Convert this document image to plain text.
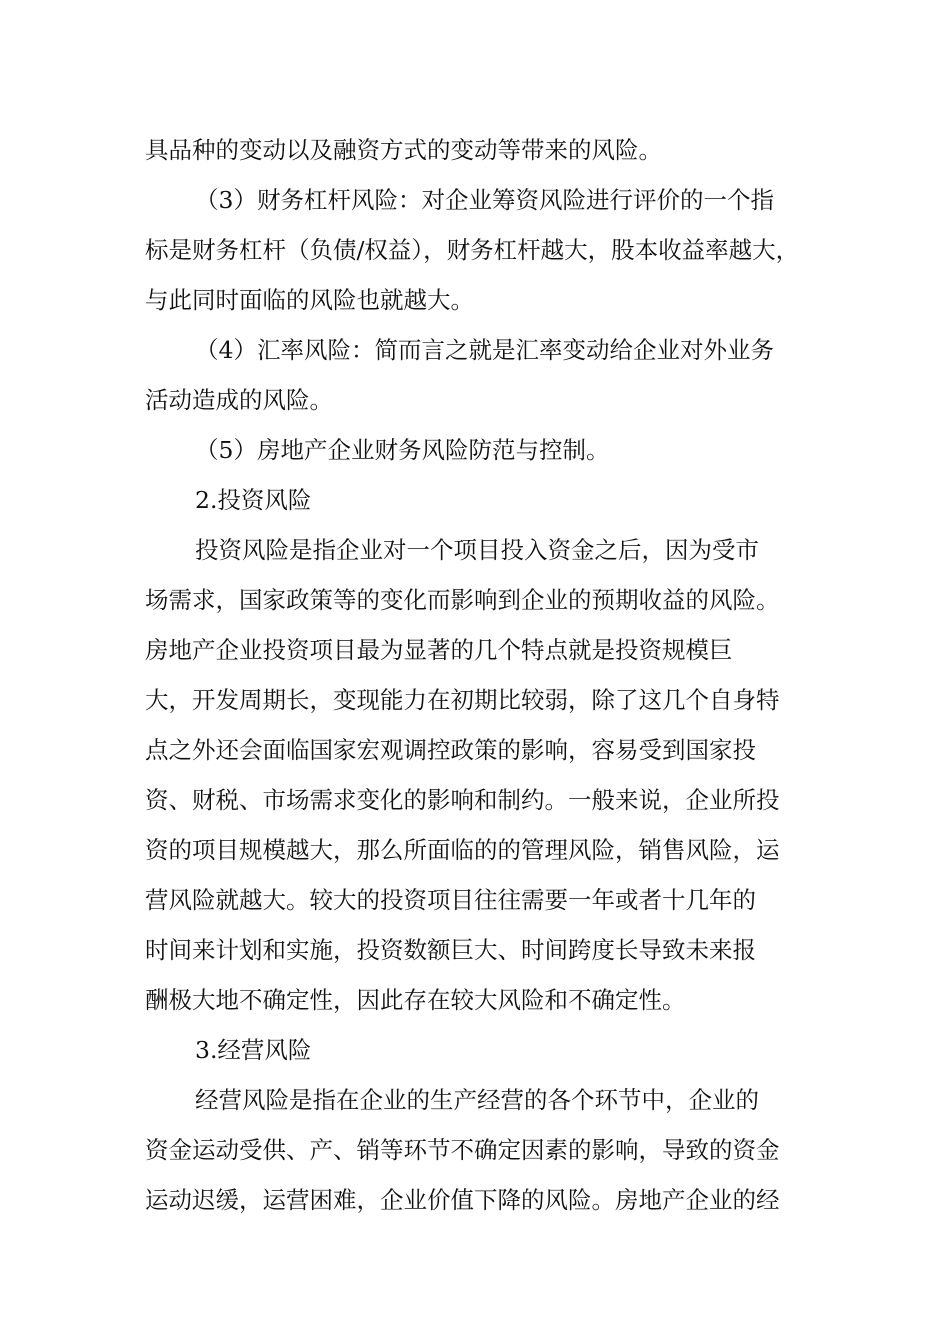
具品种的变动以及融资方式的变动等带来的风险。
（3）财务杠杆风险：对企业筹资风险进行评价的一个指
标是财务杠杆（负债/权益），财务杠杆越大，股本收益率越大，
与此同时面临的风险也就越大。
（4）汇率风险：简而言之就是汇率变动给企业对外业务
活动造成的风险。
（5）房地产企业财务风险防范与控制。
2.投资风险
投资风险是指企业对一个项目投入资金之后，因为受市
场需求，国家政策等的变化而影响到企业的预期收益的风险。
房地产企业投资项目最为显著的几个特点就是投资规模巨
大，开发周期长，变现能力在初期比较弱，除了这几个自身特
点之外还会面临国家宏观调控政策的影响，容易受到国家投
资、财税、市场需求变化的影响和制约。一般来说，企业所投
资的项目规模越大，那么所面临的的管理风险，销售风险，运
营风险就越大。较大的投资项目往往需要一年或者十几年的
时间来计划和实施，投资数额巨大、时间跨度长导致未来报
酬极大地不确定性，因此存在较大风险和不确定性。
3.经营风险
经营风险是指在企业的生产经营的各个环节中，企业的
资金运动受供、产、销等环节不确定因素的影响，导致的资金
运动迟缓，运营困难，企业价值下降的风险。房地产企业的经
